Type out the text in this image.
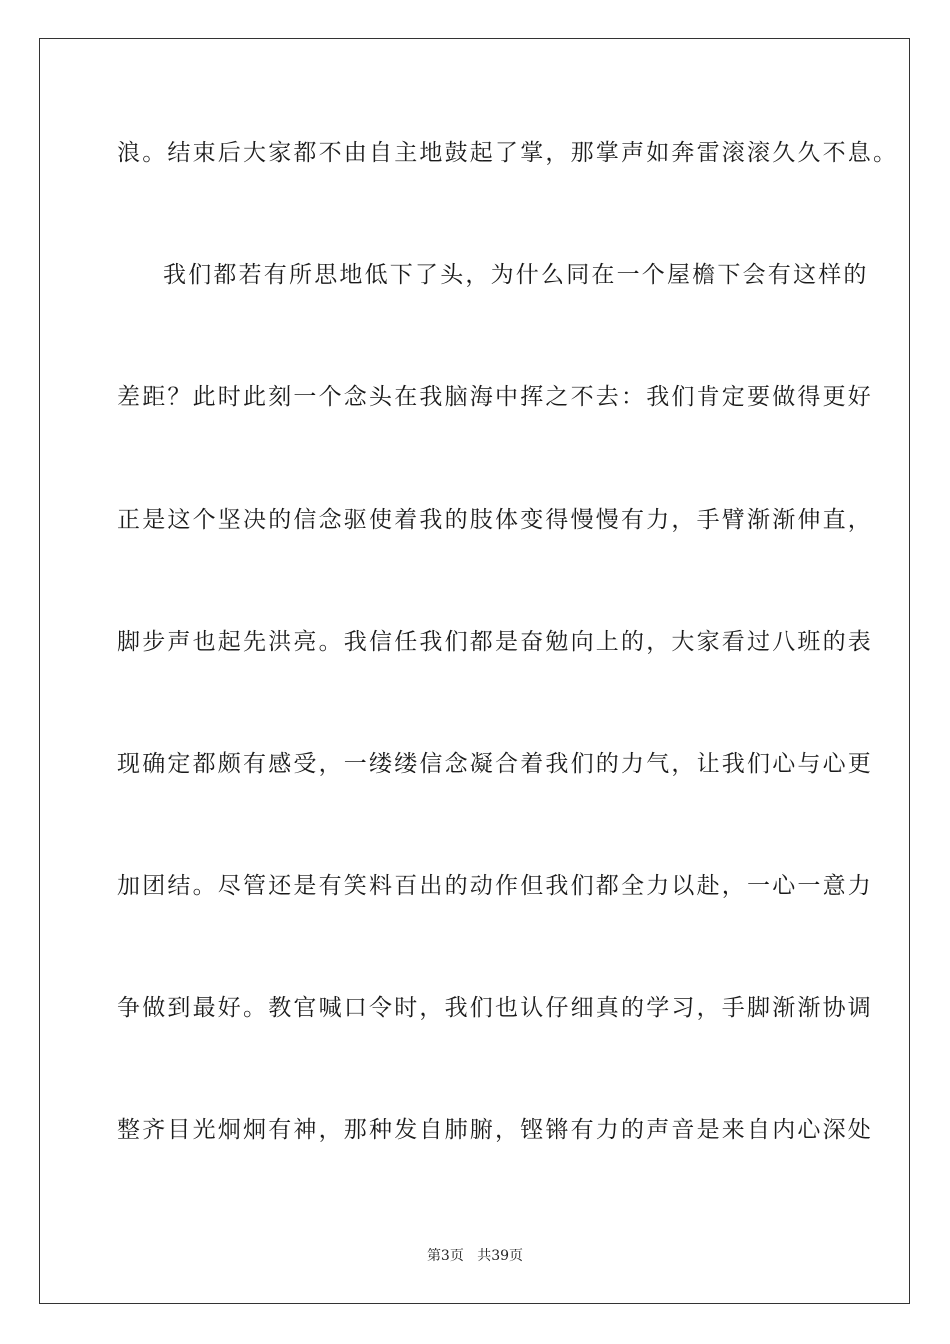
浪。结束后大家都不由自主地鼓起了掌，那掌声如奔雷滚滚久久不息。
我们都若有所思地低下了头，为什么同在一个屋檐下会有这样的
差距？此时此刻一个念头在我脑海中挥之不去：我们肯定要做得更好
正是这个坚决的信念驱使着我的肢体变得慢慢有力，手臂渐渐伸直，
脚步声也起先洪亮。我信任我们都是奋勉向上的，大家看过八班的表
现确定都颇有感受，一缕缕信念凝合着我们的力气，让我们心与心更
加团结。尽管还是有笑料百出的动作但我们都全力以赴，一心一意力
争做到最好。教官喊口令时，我们也认仔细真的学习，手脚渐渐协调
整齐目光炯炯有神，那种发自肺腑，铿锵有力的声音是来自内心深处
第3页 共39页
